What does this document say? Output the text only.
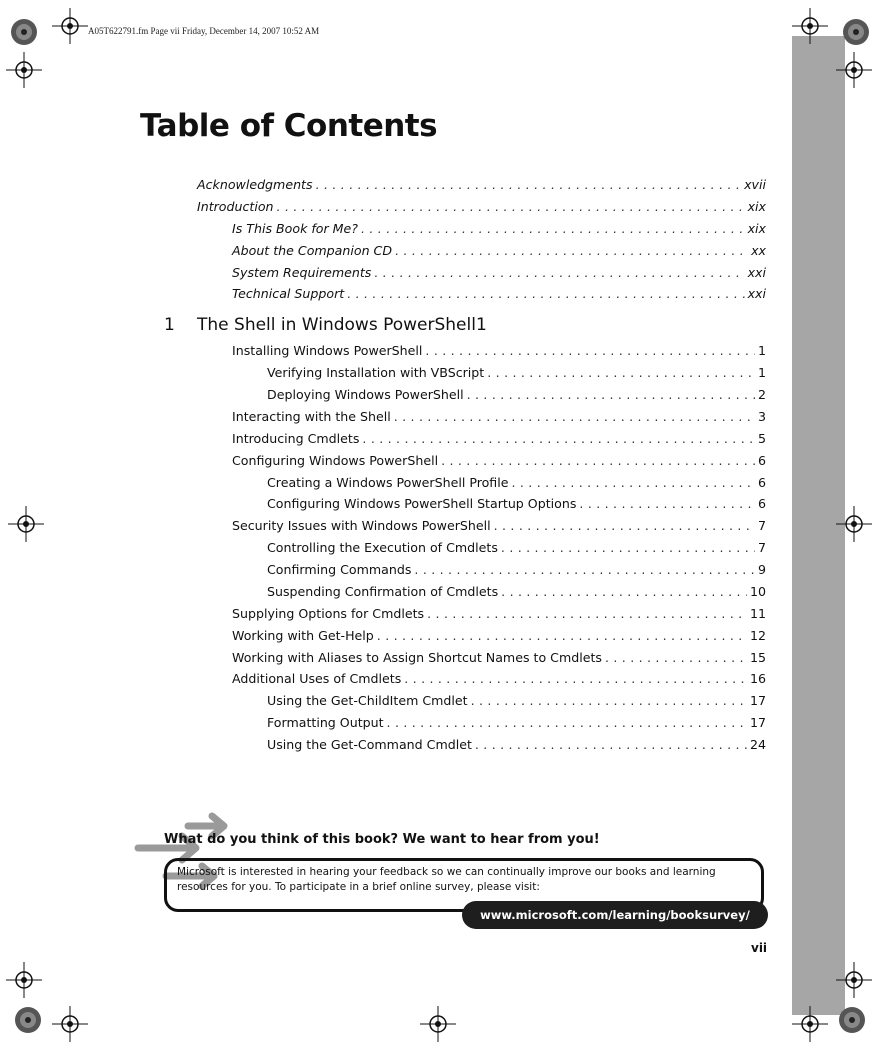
A05T622791.fm Page vii Friday, December 14, 2007 10:52 AM
Table of Contents
Acknowledgments . . .	xvii
Introduction . . .	xix
Is This Book for Me? . . .	xix
About the Companion CD . . .	xx
System Requirements . . .	xxi
Technical Support . . .	xxi
1	The Shell in Windows PowerShell 1
Installing Windows PowerShell . . .	1
Verifying Installation with VBScript . . .	1
Deploying Windows PowerShell . . .	2
Interacting with the Shell . . .	3
Introducing Cmdlets . . .	5
Configuring Windows PowerShell . . .	6
Creating a Windows PowerShell Profile . . .	6
Configuring Windows PowerShell Startup Options . . .	6
Security Issues with Windows PowerShell . . .	7
Controlling the Execution of Cmdlets . . .	7
Confirming Commands . . .	9
Suspending Confirmation of Cmdlets . . .	10
Supplying Options for Cmdlets . . .	11
Working with Get-Help . . .	12
Working with Aliases to Assign Shortcut Names to Cmdlets . . .	15
Additional Uses of Cmdlets . . .	16
Using the Get-ChildItem Cmdlet . . .	17
Formatting Output . . .	17
Using the Get-Command Cmdlet . . .	24
What do you think of this book? We want to hear from you!
Microsoft is interested in hearing your feedback so we can continually improve our books and learning resources for you. To participate in a brief online survey, please visit:
www.microsoft.com/learning/booksurvey/
vii
